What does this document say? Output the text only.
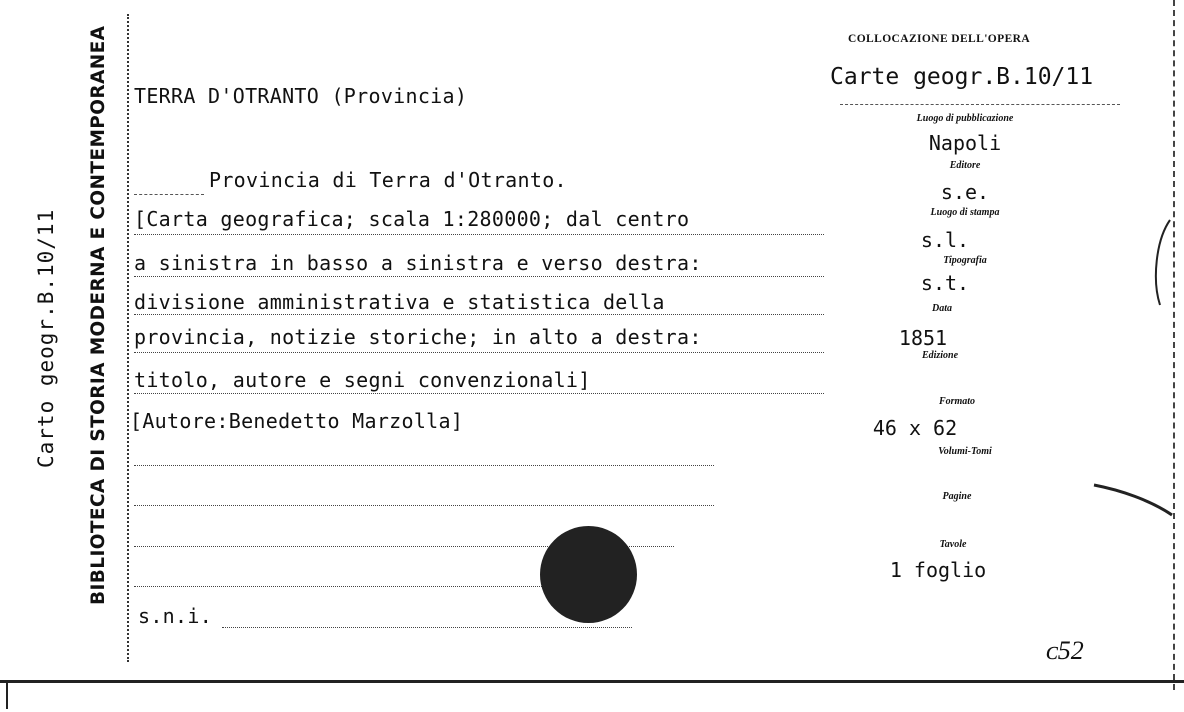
Carto geogr.B.10/11 BIBLIOTECA DI STORIA MODERNA E CONTEMPORANEA	COLLOCAZIONE DELL'OPERA
Carte geogr.B.10/11
TERRA D'OTRANTO (Provincia)
Provincia di Terra d'Otranto.
[Carta geografica; scala 1:280000; dal centro
a sinistra in basso a sinistra e verso destra:
divisione amministrativa e statistica della
provincia, notizie storiche; in alto a destra:
titolo, autore e segni convenzionali]
[Autore:Benedetto Marzolla]
s.n.i.
Luogo di pubblicazione
Napoli
Editore
s.e.
Luogo di stampa
s.l.
Tipografia
s.t.
Data
1851
Edizione
Formato
46 x 62
Volumi-Tomi
Pagine
Tavole
1 foglio
ᴄ52
